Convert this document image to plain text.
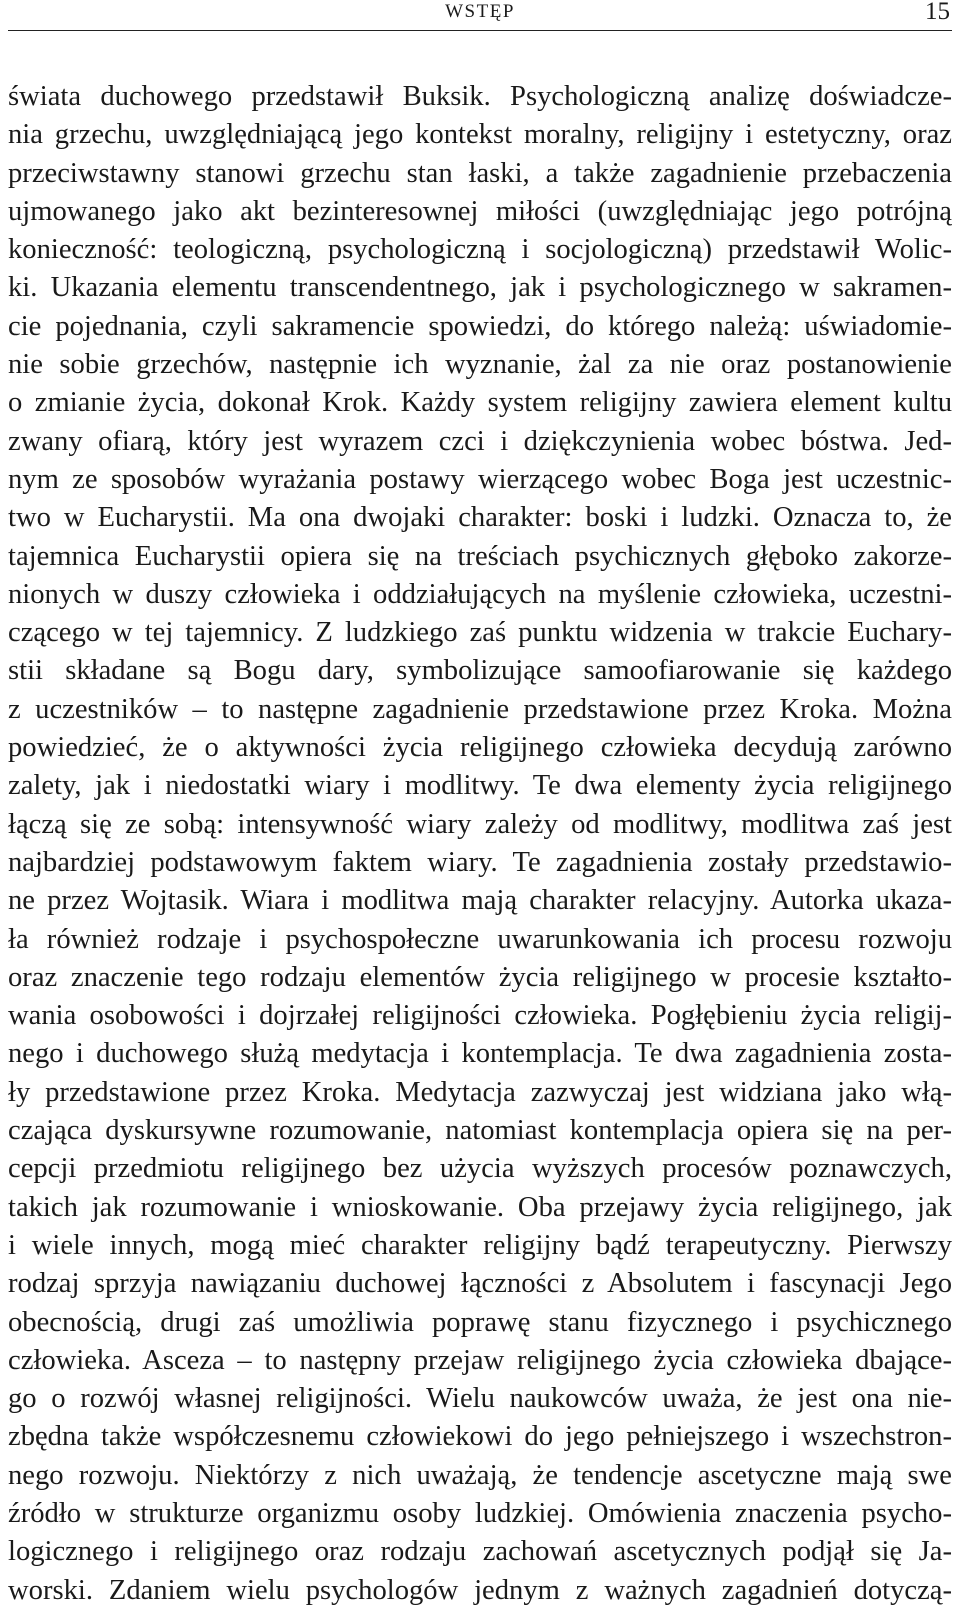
WSTĘP	15

świata duchowego przedstawił Buksik. Psychologiczną analizę doświadcze-
nia grzechu, uwzględniającą jego kontekst moralny, religijny i estetyczny, oraz
przeciwstawny stanowi grzechu stan łaski, a także zagadnienie przebaczenia
ujmowanego jako akt bezinteresownej miłości (uwzględniając jego potrójną
konieczność: teologiczną, psychologiczną i socjologiczną) przedstawił Wolic-
ki. Ukazania elementu transcendentnego, jak i psychologicznego w sakramen-
cie pojednania, czyli sakramencie spowiedzi, do którego należą: uświadomie-
nie sobie grzechów, następnie ich wyznanie, żal za nie oraz postanowienie
o zmianie życia, dokonał Krok. Każdy system religijny zawiera element kultu
zwany ofiarą, który jest wyrazem czci i dziękczynienia wobec bóstwa. Jed-
nym ze sposobów wyrażania postawy wierzącego wobec Boga jest uczestnic-
two w Eucharystii. Ma ona dwojaki charakter: boski i ludzki. Oznacza to, że
tajemnica Eucharystii opiera się na treściach psychicznych głęboko zakorze-
nionych w duszy człowieka i oddziałujących na myślenie człowieka, uczestni-
czącego w tej tajemnicy. Z ludzkiego zaś punktu widzenia w trakcie Euchary-
stii składane są Bogu dary, symbolizujące samoofiarowanie się każdego
z uczestników – to następne zagadnienie przedstawione przez Kroka. Można
powiedzieć, że o aktywności życia religijnego człowieka decydują zarówno
zalety, jak i niedostatki wiary i modlitwy. Te dwa elementy życia religijnego
łączą się ze sobą: intensywność wiary zależy od modlitwy, modlitwa zaś jest
najbardziej podstawowym faktem wiary. Te zagadnienia zostały przedstawio-
ne przez Wojtasik. Wiara i modlitwa mają charakter relacyjny. Autorka ukaza-
ła również rodzaje i psychospołeczne uwarunkowania ich procesu rozwoju
oraz znaczenie tego rodzaju elementów życia religijnego w procesie kształto-
wania osobowości i dojrzałej religijności człowieka. Pogłębieniu życia religij-
nego i duchowego służą medytacja i kontemplacja. Te dwa zagadnienia zosta-
ły przedstawione przez Kroka. Medytacja zazwyczaj jest widziana jako włą-
czająca dyskursywne rozumowanie, natomiast kontemplacja opiera się na per-
cepcji przedmiotu religijnego bez użycia wyższych procesów poznawczych,
takich jak rozumowanie i wnioskowanie. Oba przejawy życia religijnego, jak
i wiele innych, mogą mieć charakter religijny bądź terapeutyczny. Pierwszy
rodzaj sprzyja nawiązaniu duchowej łączności z Absolutem i fascynacji Jego
obecnością, drugi zaś umożliwia poprawę stanu fizycznego i psychicznego
człowieka. Asceza – to następny przejaw religijnego życia człowieka dbające-
go o rozwój własnej religijności. Wielu naukowców uważa, że jest ona nie-
zbędna także współczesnemu człowiekowi do jego pełniejszego i wszechstron-
nego rozwoju. Niektórzy z nich uważają, że tendencje ascetyczne mają swe
źródło w strukturze organizmu osoby ludzkiej. Omówienia znaczenia psycho-
logicznego i religijnego oraz rodzaju zachowań ascetycznych podjął się Ja-
worski. Zdaniem wielu psychologów jednym z ważnych zagadnień dotyczą-
